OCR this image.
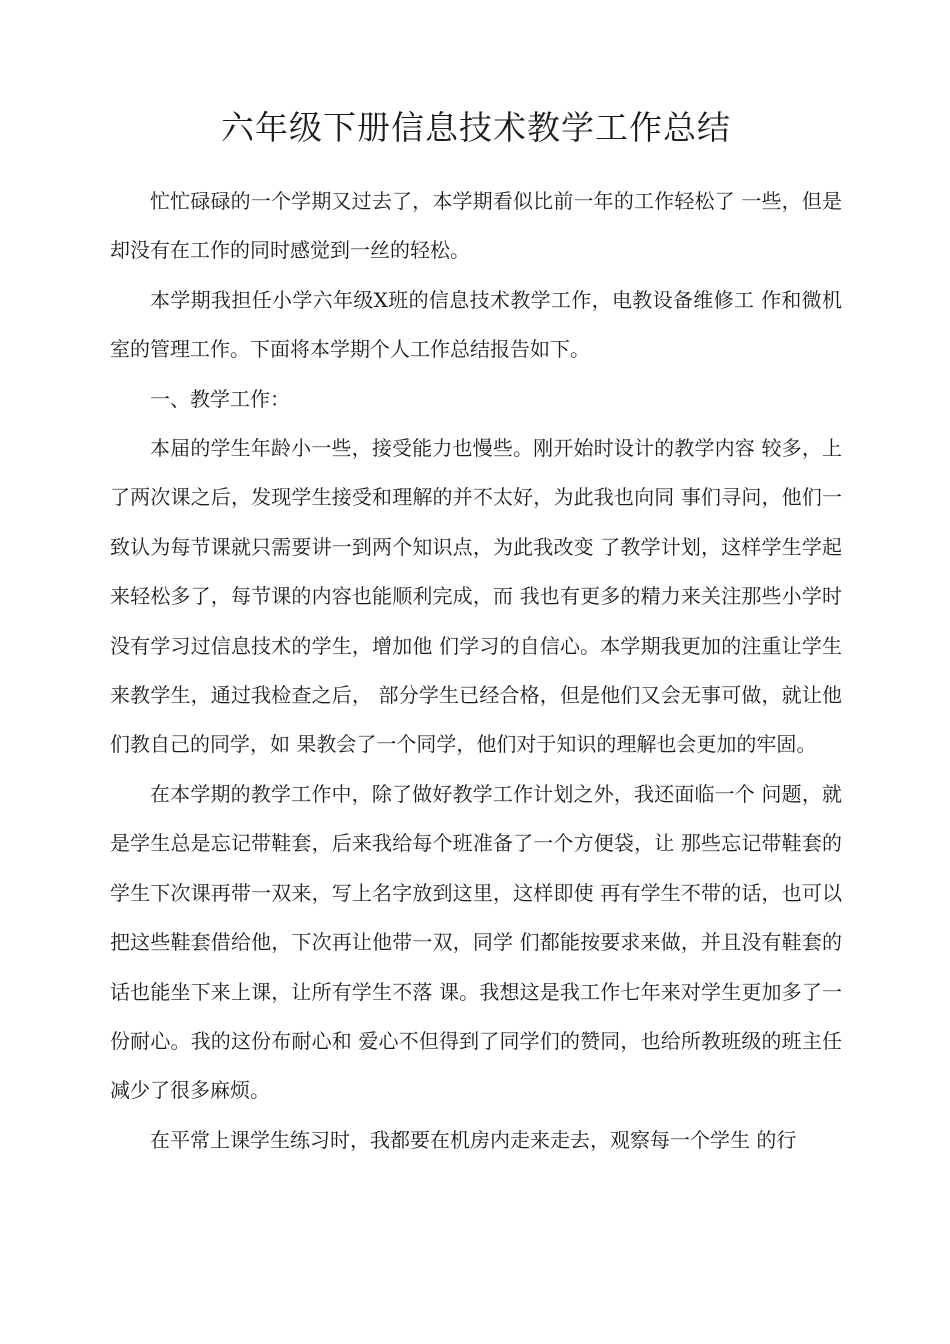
六年级下册信息技术教学工作总结

忙忙碌碌的一个学期又过去了，本学期看似比前一年的工作轻松了 一些，但是却没有在工作的同时感觉到一丝的轻松。

本学期我担任小学六年级X班的信息技术教学工作，电教设备维修工 作和微机室的管理工作。下面将本学期个人工作总结报告如下。

一、教学工作：

本届的学生年龄小一些，接受能力也慢些。刚开始时设计的教学内容 较多，上了两次课之后，发现学生接受和理解的并不太好，为此我也向同 事们寻问，他们一致认为每节课就只需要讲一到两个知识点，为此我改变 了教学计划，这样学生学起来轻松多了，每节课的内容也能顺利完成，而 我也有更多的精力来关注那些小学时没有学习过信息技术的学生，增加他 们学习的自信心。本学期我更加的注重让学生来教学生，通过我检查之后， 部分学生已经合格，但是他们又会无事可做，就让他们教自己的同学，如 果教会了一个同学，他们对于知识的理解也会更加的牢固。

在本学期的教学工作中，除了做好教学工作计划之外，我还面临一个 问题，就是学生总是忘记带鞋套，后来我给每个班准备了一个方便袋，让 那些忘记带鞋套的学生下次课再带一双来，写上名字放到这里，这样即使 再有学生不带的话，也可以把这些鞋套借给他，下次再让他带一双，同学 们都能按要求来做，并且没有鞋套的话也能坐下来上课，让所有学生不落 课。我想这是我工作七年来对学生更加多了一份耐心。我的这份布耐心和 爱心不但得到了同学们的赞同，也给所教班级的班主任减少了很多麻烦。

在平常上课学生练习时，我都要在机房内走来走去，观察每一个学生 的行
